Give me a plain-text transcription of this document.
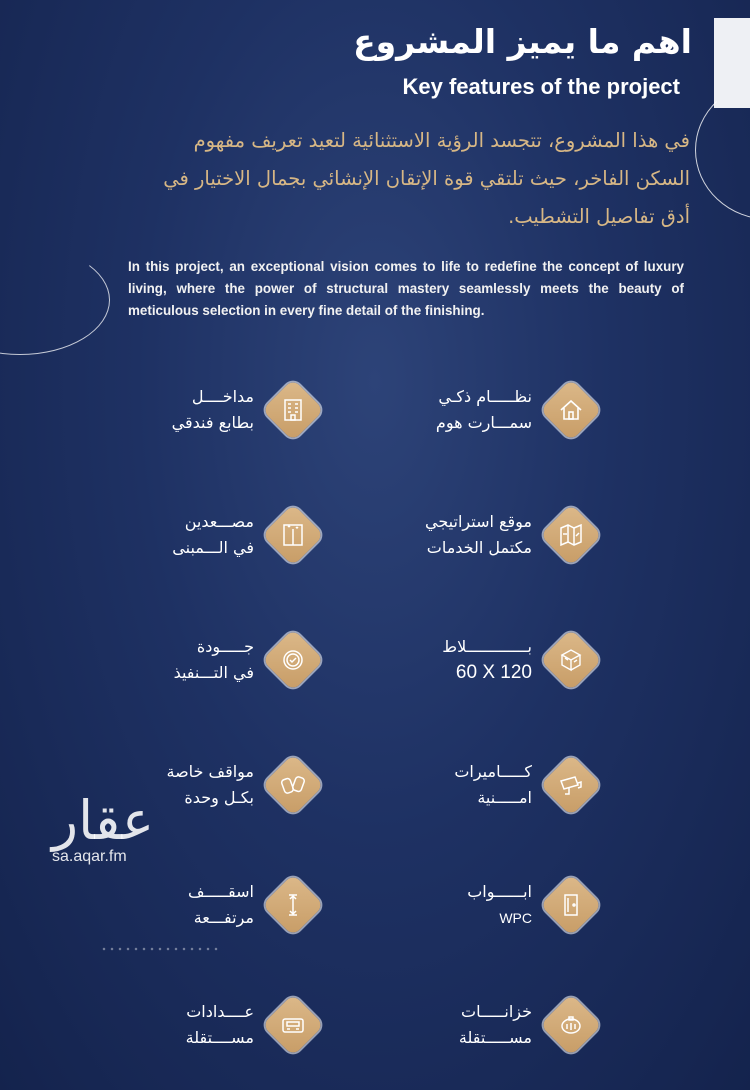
اهم ما يميز المشروع
Key features of the project
في هذا المشروع، تتجسد الرؤية الاستثنائية لتعيد تعريف مفهوم
السكن الفاخر، حيث تلتقي قوة الإتقان الإنشائي بجمال الاختيار في
أدق تفاصيل التشطيب.

In this project, an exceptional vision comes to life to redefine the concept of luxury living, where the power of structural mastery seamlessly meets the beauty of meticulous selection in every fine detail of the finishing.

نظـــــام ذكـي
سمـــارت هوم
مداخــــل
بطابع فندقي
موقع استراتيجي
مكتمل الخدمات
مصـــعدين
في الـــمبنى
بـــــــــــــلاط
60 X 120
جـــــودة
في التـــنفيذ
كـــــاميرات
امـــــنية
مواقف خاصة
بكـل وحدة
ابــــــواب
WPC
اسقـــــف
مرتفـــعة
خزانـــــات
مســـــتقلة
عــــدادات
مســــتقلة
عقار
sa.aqar.fm
